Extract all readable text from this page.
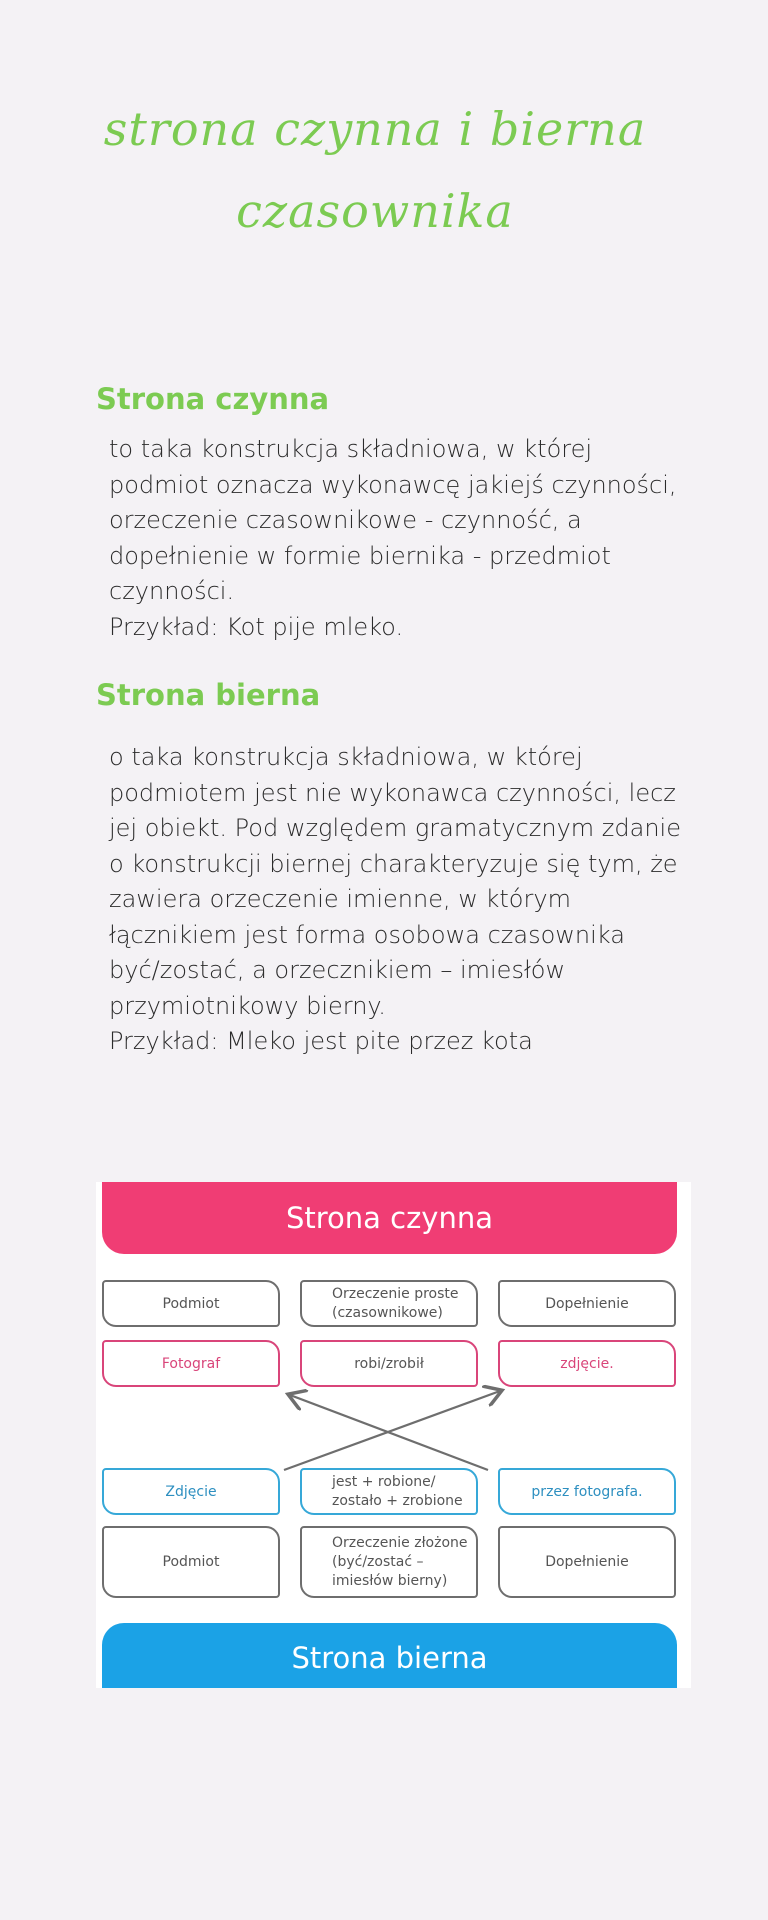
strona czynna i bierna
czasownika
Strona czynna
to taka konstrukcja składniowa, w której
podmiot oznacza wykonawcę jakiejś czynności,
orzeczenie czasownikowe - czynność, a
dopełnienie w formie biernika - przedmiot
czynności.
Przykład: Kot pije mleko.
Strona bierna
o taka konstrukcja składniowa, w której
podmiotem jest nie wykonawca czynności, lecz
jej obiekt. Pod względem gramatycznym zdanie
o konstrukcji biernej charakteryzuje się tym, że
zawiera orzeczenie imienne, w którym
łącznikiem jest forma osobowa czasownika
być/zostać, a orzecznikiem – imiesłów
przymiotnikowy bierny.
Przykład: Mleko jest pite przez kota
Strona czynna
Podmiot
Orzeczenie proste
(czasownikowe)
Dopełnienie
Fotograf	robi/zrobił	zdjęcie.
Zdjęcie
jest + robione/
zostało + zrobione
przez fotografa.
Podmiot
Orzeczenie złożone
(być/zostać –
imiesłów bierny)
Dopełnienie
Strona bierna
